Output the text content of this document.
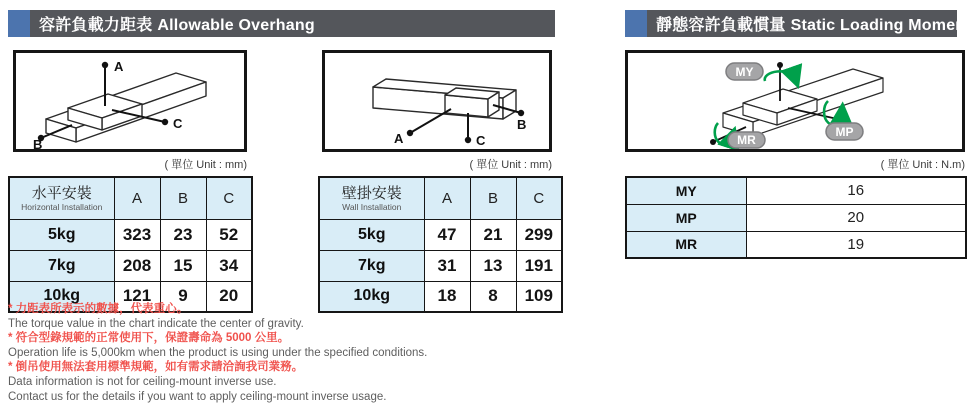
容許負載力距表 Allowable Overhang
A
B
C
A
B
C
( 單位 Unit : mm)	( 單位 Unit : mm)
水平安裝
Horizontal Installation	A	B	C
5kg	323	23	52
7kg	208	15	34
10kg	121	9	20
壁掛安裝
Wall Installation	A	B	C
5kg	47	21	299
7kg	31	13	191
10kg	18	8	109
* 力距表所表示的數據，代表重心。
The torque value in the chart indicate the center of gravity.
* 符合型錄規範的正常使用下，保證壽命為 5000 公里。
Operation life is 5,000km when the product is using under the specified conditions.
* 倒吊使用無法套用標準規範，如有需求請洽詢我司業務。
Data information is not for ceiling-mount inverse use.
Contact us for the details if you want to apply ceiling-mount inverse usage.
靜態容許負載慣量 Static Loading Moment
MY
MP
MR
( 單位 Unit : N.m)
MY	16
MP	20
MR	19
